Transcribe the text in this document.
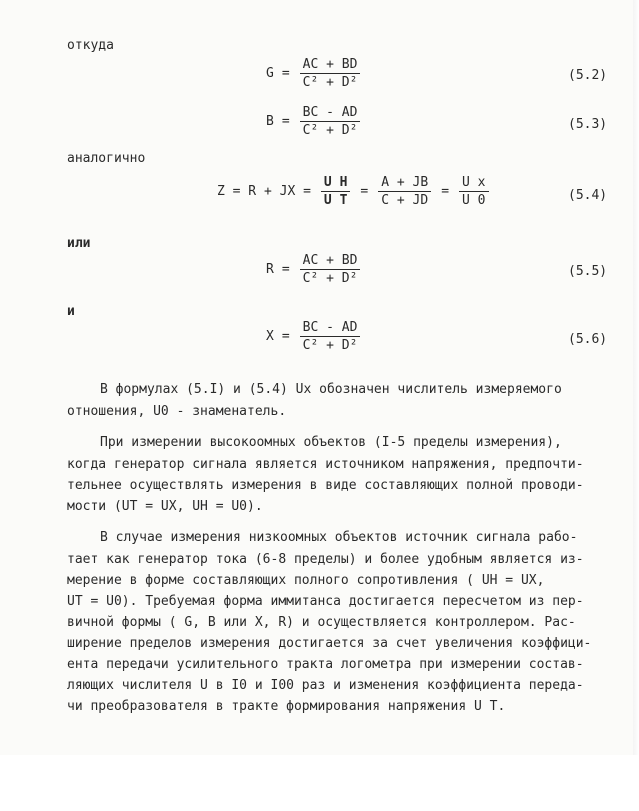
откуда
$G = \frac{AC + BD}{\text{C² + D²}}$	(5.2)
$B = \frac{BC - AD}{\text{C² + D²}}$	(5.3)
аналогично
Z = R + JX = $\frac{\text{U H}}{\text{U T}} = \frac{A + JB}{C + JD} = \frac{\text{U x}}{U 0}$	(5.4)
или
$R = \frac{AC + BD}{\text{C² + D²}}$	(5.5)
и
$X = \frac{BC - AD}{\text{C² + D²}}$	(5.6)
В формулах (5.I) и (5.4) Ux обозначен числитель измеряемого
отношения, U0 - знаменатель.
При измерении высокоомных объектов (I-5 пределы измерения),
когда генератор сигнала является источником напряжения, предпочти-
тельнее осуществлять измерения в виде составляющих полной проводи-
мости (UT = UX, UH = U0).
В случае измерения низкоомных объектов источник сигнала рабо-
тает как генератор тока (6-8 пределы) и более удобным является из-
мерение в форме составляющих полного сопротивления ( UH = UX,
UT = U0). Требуемая форма иммитанса достигается пересчетом из пер-
вичной формы ( G, B или X, R) и осуществляется контроллером. Рас-
ширение пределов измерения достигается за счет увеличения коэффици-
ента передачи усилительного тракта логометра при измерении состав-
ляющих числителя U в I0 и I00 раз и изменения коэффициента переда-
чи преобразователя в тракте формирования напряжения U T.
